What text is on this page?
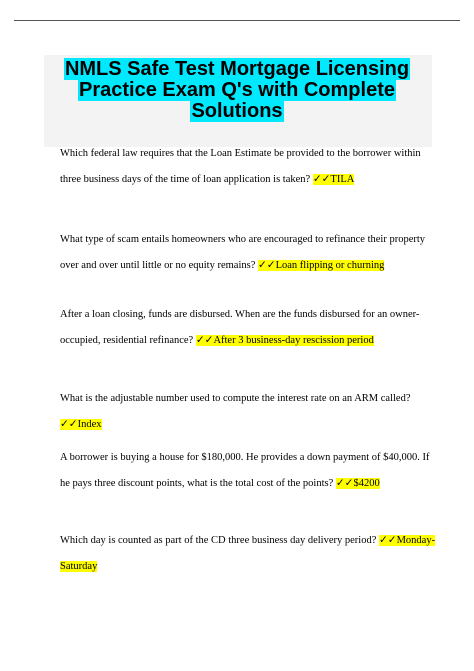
NMLS Safe Test Mortgage Licensing Practice Exam Q's with Complete Solutions
Which federal law requires that the Loan Estimate be provided to the borrower within three business days of the time of loan application is taken? ✓✓TILA
What type of scam entails homeowners who are encouraged to refinance their property over and over until little or no equity remains? ✓✓Loan flipping or churning
After a loan closing, funds are disbursed. When are the funds disbursed for an owner-occupied, residential refinance? ✓✓After 3 business-day rescission period
What is the adjustable number used to compute the interest rate on an ARM called? ✓✓Index
A borrower is buying a house for $180,000. He provides a down payment of $40,000. If he pays three discount points, what is the total cost of the points? ✓✓$4200
Which day is counted as part of the CD three business day delivery period? ✓✓Monday-Saturday
